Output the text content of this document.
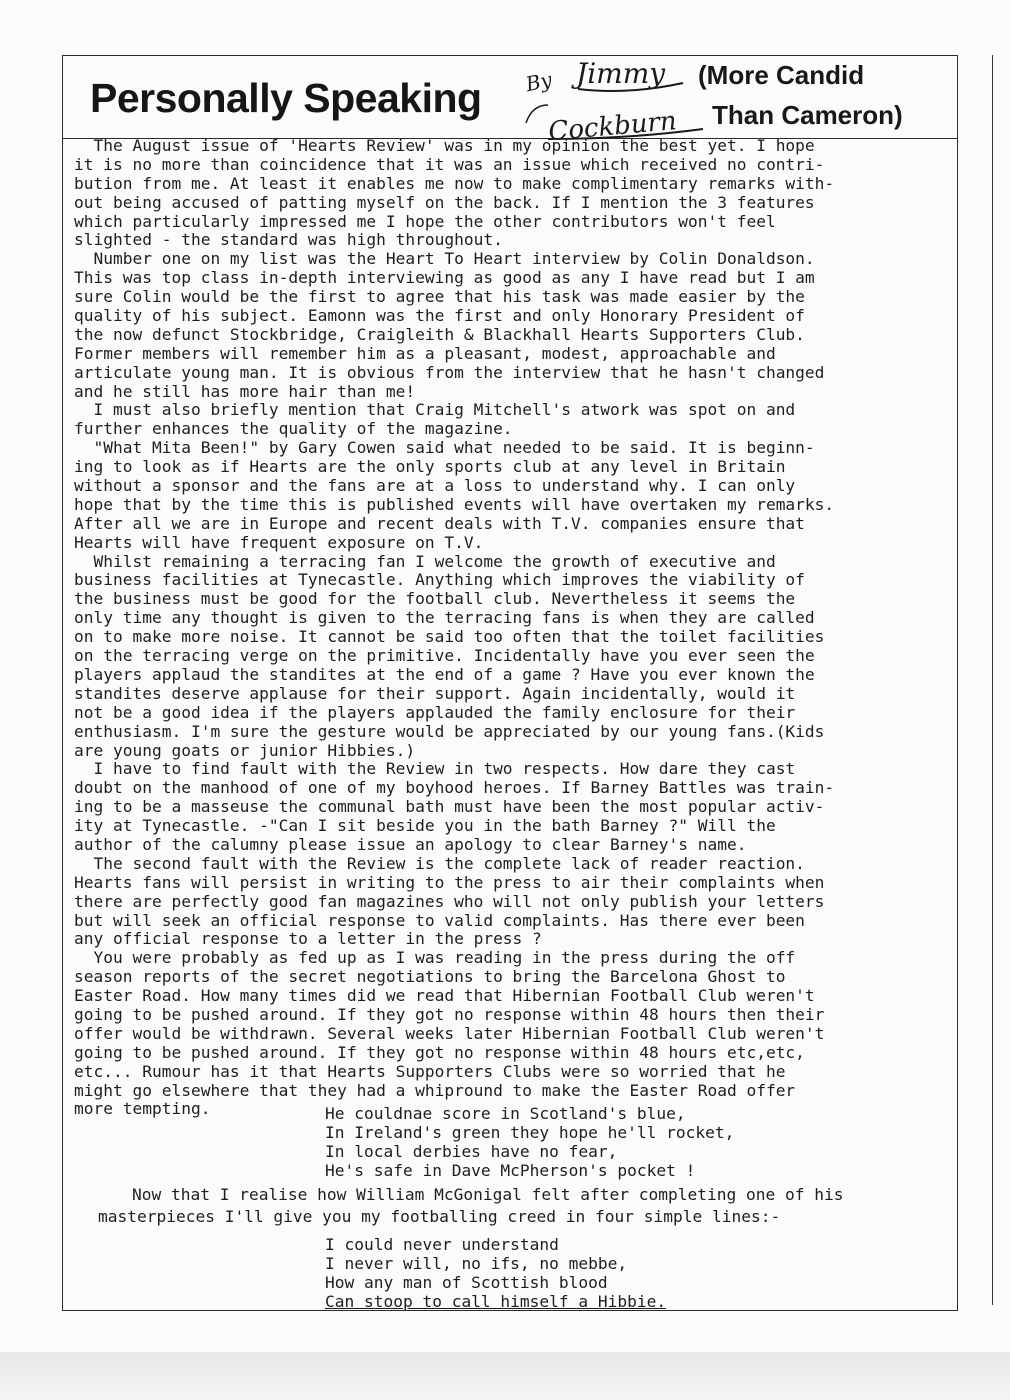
Personally Speaking By Jimmy
Cockburn
(More Candid
Than Cameron)
The August issue of 'Hearts Review' was in my opinion the best yet. I hope
it is no more than coincidence that it was an issue which received no contri-
bution from me. At least it enables me now to make complimentary remarks with-
out being accused of patting myself on the back. If I mention the 3 features
which particularly impressed me I hope the other contributors won't feel
slighted - the standard was high throughout.
Number one on my list was the Heart To Heart interview by Colin Donaldson.
This was top class in-depth interviewing as good as any I have read but I am
sure Colin would be the first to agree that his task was made easier by the
quality of his subject. Eamonn was the first and only Honorary President of
the now defunct Stockbridge, Craigleith & Blackhall Hearts Supporters Club.
Former members will remember him as a pleasant, modest, approachable and
articulate young man. It is obvious from the interview that he hasn't changed
and he still has more hair than me!
I must also briefly mention that Craig Mitchell's atwork was spot on and
further enhances the quality of the magazine.
"What Mita Been!" by Gary Cowen said what needed to be said. It is beginn-
ing to look as if Hearts are the only sports club at any level in Britain
without a sponsor and the fans are at a loss to understand why. I can only
hope that by the time this is published events will have overtaken my remarks.
After all we are in Europe and recent deals with T.V. companies ensure that
Hearts will have frequent exposure on T.V.
Whilst remaining a terracing fan I welcome the growth of executive and
business facilities at Tynecastle. Anything which improves the viability of
the business must be good for the football club. Nevertheless it seems the
only time any thought is given to the terracing fans is when they are called
on to make more noise. It cannot be said too often that the toilet facilities
on the terracing verge on the primitive. Incidentally have you ever seen the
players applaud the standites at the end of a game ? Have you ever known the
standites deserve applause for their support. Again incidentally, would it
not be a good idea if the players applauded the family enclosure for their
enthusiasm. I'm sure the gesture would be appreciated by our young fans.(Kids
are young goats or junior Hibbies.)
I have to find fault with the Review in two respects. How dare they cast
doubt on the manhood of one of my boyhood heroes. If Barney Battles was train-
ing to be a masseuse the communal bath must have been the most popular activ-
ity at Tynecastle. -"Can I sit beside you in the bath Barney ?" Will the
author of the calumny please issue an apology to clear Barney's name.
The second fault with the Review is the complete lack of reader reaction.
Hearts fans will persist in writing to the press to air their complaints when
there are perfectly good fan magazines who will not only publish your letters
but will seek an official response to valid complaints. Has there ever been
any official response to a letter in the press ?
You were probably as fed up as I was reading in the press during the off
season reports of the secret negotiations to bring the Barcelona Ghost to
Easter Road. How many times did we read that Hibernian Football Club weren't
going to be pushed around. If they got no response within 48 hours then their
offer would be withdrawn. Several weeks later Hibernian Football Club weren't
going to be pushed around. If they got no response within 48 hours etc,etc,
etc... Rumour has it that Hearts Supporters Clubs were so worried that he
might go elsewhere that they had a whipround to make the Easter Road offer
more tempting.	He couldnae score in Scotland's blue,
In Ireland's green they hope he'll rocket,
In local derbies have no fear,
He's safe in Dave McPherson's pocket !
Now that I realise how William McGonigal felt after completing one of his
masterpieces I'll give you my footballing creed in four simple lines:-
I could never understand
I never will, no ifs, no mebbe,
How any man of Scottish blood
Can stoop to call himself a Hibbie.
